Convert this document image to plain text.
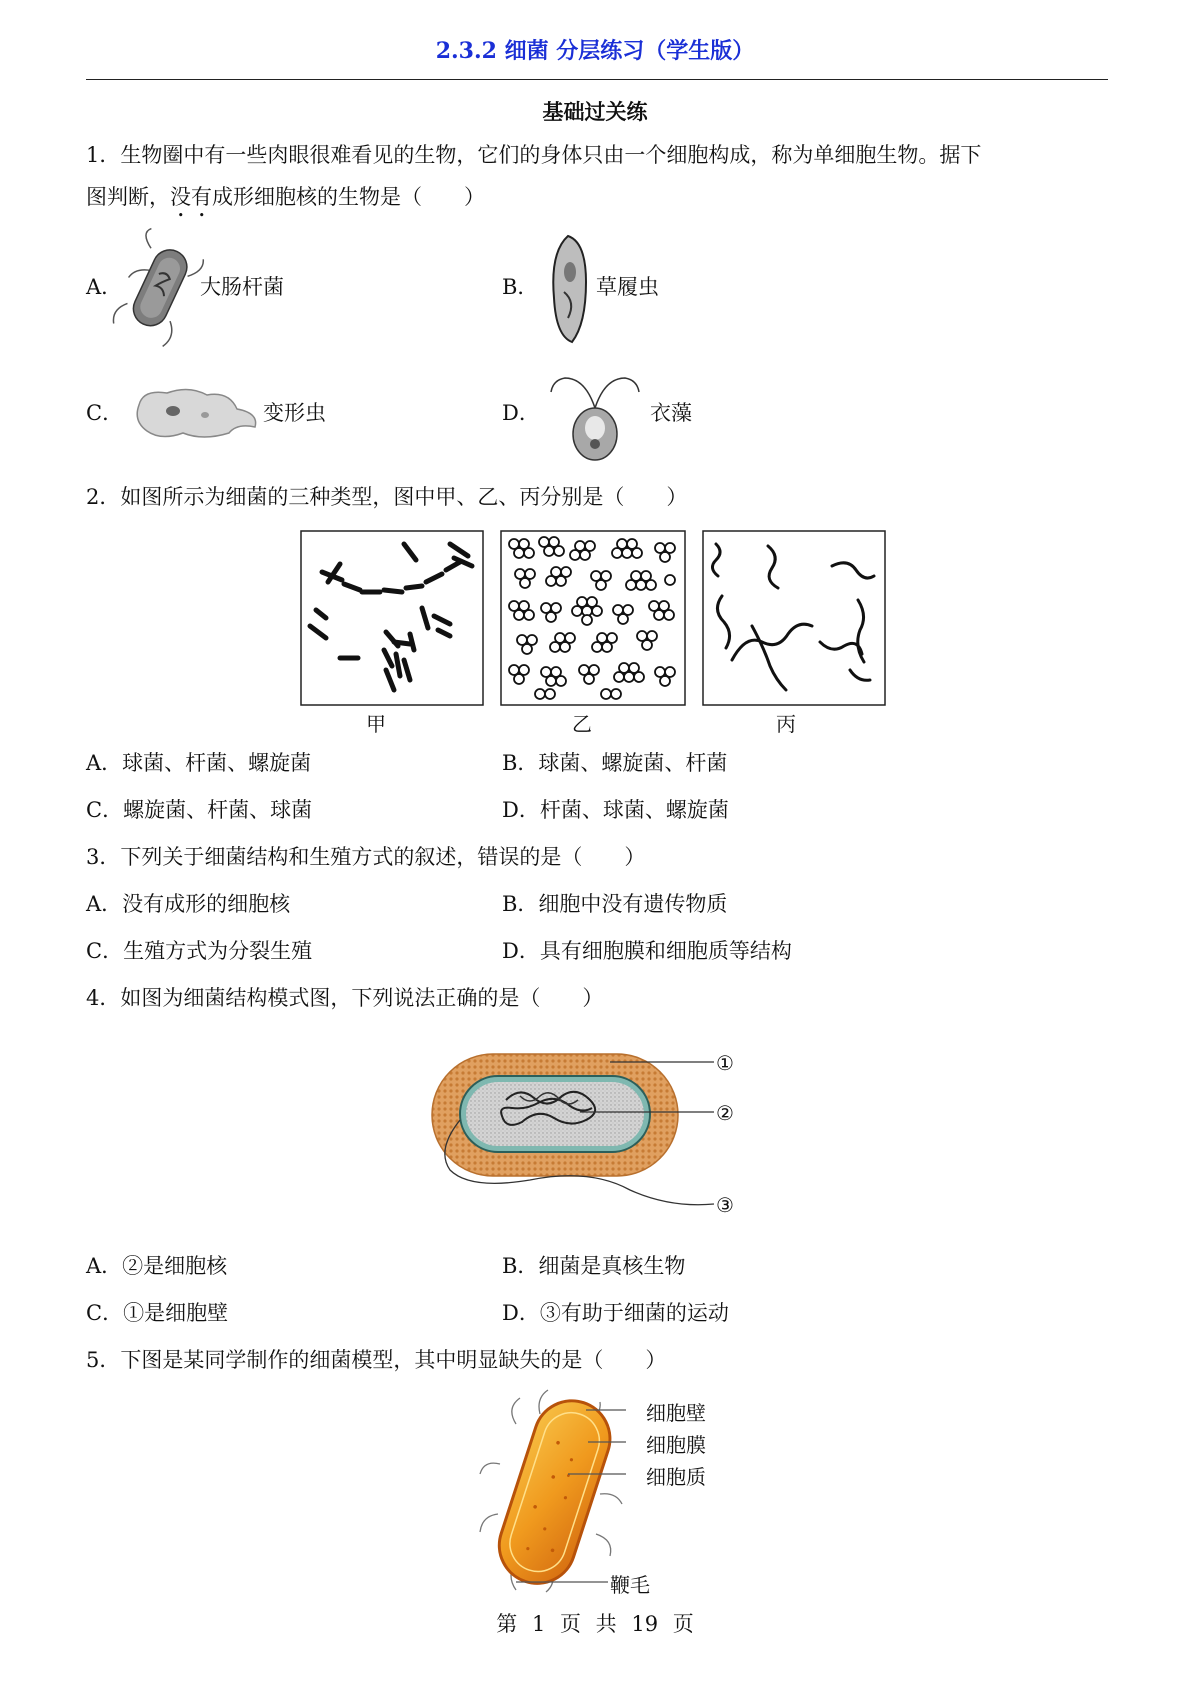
2.3.2 细菌 分层练习（学生版）
基础过关练
1．生物圈中有一些肉眼很难看见的生物，它们的身体只由一个细胞构成，称为单细胞生物。据下
图判断，没有成形细胞核的生物是（　　）
A．	大肠杆菌	B．	草履虫
C．	变形虫	D．	衣藻
2．如图所示为细菌的三种类型，图中甲、乙、丙分别是（　　）
甲	乙	丙
A．球菌、杆菌、螺旋菌	B．球菌、螺旋菌、杆菌
C．螺旋菌、杆菌、球菌	D．杆菌、球菌、螺旋菌
3．下列关于细菌结构和生殖方式的叙述，错误的是（　　）
A．没有成形的细胞核	B．细胞中没有遗传物质
C．生殖方式为分裂生殖	D．具有细胞膜和细胞质等结构
4．如图为细菌结构模式图，下列说法正确的是（　　）
①
②
③
A．②是细胞核	B．细菌是真核生物
C．①是细胞壁	D．③有助于细菌的运动
5．下图是某同学制作的细菌模型，其中明显缺失的是（　　）
细胞壁
细胞膜
细胞质
鞭毛
第 1 页 共 19 页
